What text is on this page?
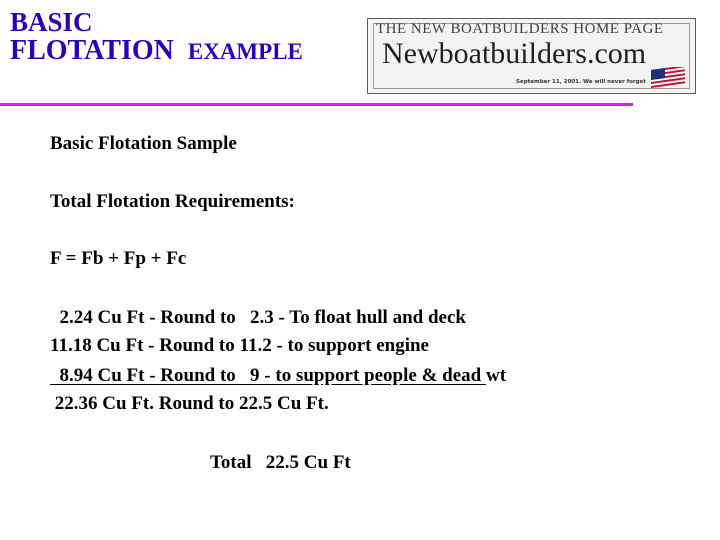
BASIC
FLOTATION EXAMPLE
THE NEW BOATBUILDERS HOME PAGE
Newboatbuilders.com
September 11, 2001. We will never forget
Basic Flotation Sample
Total Flotation Requirements:
F = Fb + Fp + Fc
2.24 Cu Ft - Round to   2.3 - To float hull and deck
11.18 Cu Ft - Round to 11.2 - to support engine
8.94 Cu Ft - Round to   9 - to support people & dead wt
22.36 Cu Ft. Round to 22.5 Cu Ft.
Total   22.5 Cu Ft
